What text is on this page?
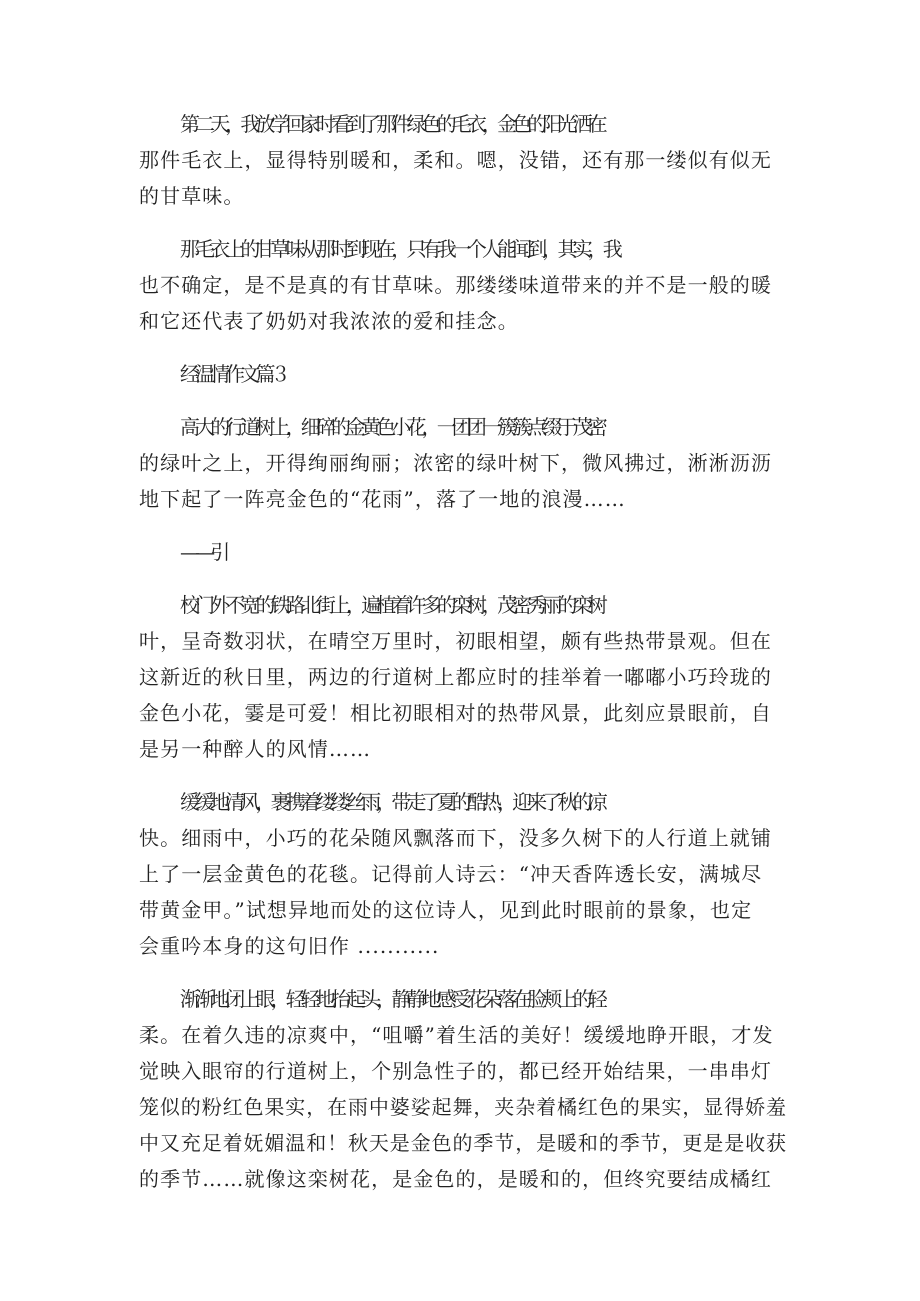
第二天，我放学回家时看到了那件绿色的毛衣，金色的阳光洒在
那件毛衣上，显得特别暖和，柔和。嗯，没错，还有那一缕似有似无
的甘草味。

那毛衣上的甘草味从那时到现在，只有我一个人能闻到，其实，我
也不确定，是不是真的有甘草味。那缕缕味道带来的并不是一般的暖
和它还代表了奶奶对我浓浓的爱和挂念。

经温情作文篇３

高大的行道树上，细碎的金黄色小花，一团团一簇簇点缀于茂密
的绿叶之上，开得绚丽绚丽；浓密的绿叶树下，微风拂过，淅淅沥沥
地下起了一阵亮金色的“花雨”，落了一地的浪漫……

——引

校门外不宽的铁路北街上，遍植着许多的栾树，茂密秀丽的栾树
叶，呈奇数羽状，在晴空万里时，初眼相望，颇有些热带景观。但在
这新近的秋日里，两边的行道树上都应时的挂举着一嘟嘟小巧玲珑的
金色小花，霎是可爱！相比初眼相对的热带风景，此刻应景眼前，自
是另一种醉人的风情……

缓缓地清风，裹携着缕缕丝雨，带走了夏的酷热，迎来了秋的凉
快。细雨中，小巧的花朵随风飘落而下，没多久树下的人行道上就铺
上了一层金黄色的花毯。记得前人诗云：“冲天香阵透长安，满城尽
带黄金甲。”试想异地而处的这位诗人，见到此时眼前的景象，也定
会重吟本身的这句旧作 ...........

渐渐地闭上眼，轻轻地抬起头，静静地感受花朵落在脸颊上的轻
柔。在着久违的凉爽中，“咀嚼”着生活的美好！缓缓地睁开眼，才发
觉映入眼帘的行道树上，个别急性子的，都已经开始结果，一串串灯
笼似的粉红色果实，在雨中婆娑起舞，夹杂着橘红色的果实，显得娇羞
中又充足着妩媚温和！秋天是金色的季节，是暖和的季节，更是是收获
的季节……就像这栾树花，是金色的，是暖和的，但终究要结成橘红
